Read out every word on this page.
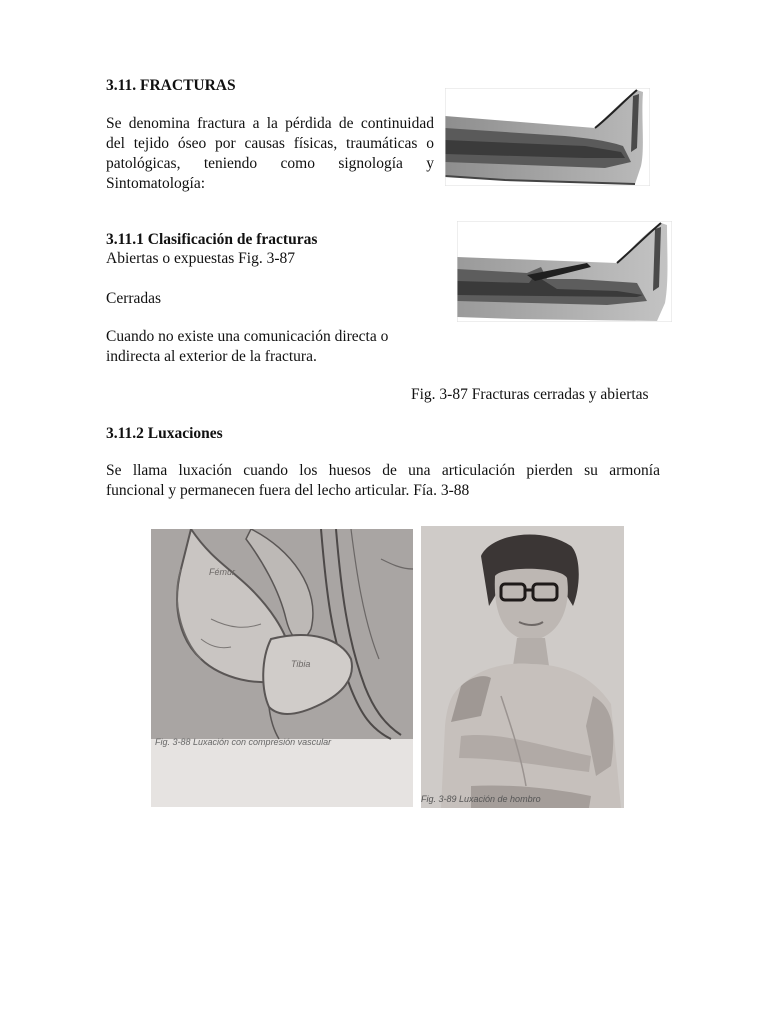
3.11. FRACTURAS
Se denomina fractura a la pérdida de continuidad
del tejido óseo por causas físicas, traumáticas o
patológicas, teniendo como signología y
Sintomatología:
3.11.1 Clasificación de fracturas
Abiertas o expuestas Fig. 3-87
Cerradas
Cuando no existe una comunicación directa o
indirecta al exterior de la fractura.
Fig. 3-87 Fracturas cerradas y abiertas
3.11.2 Luxaciones
Se llama luxación cuando los huesos de una articulación pierden su armonía
funcional y permanecen fuera del lecho articular. Fía. 3-88
Fémur
Tibia
Fig. 3-88 Luxación con compresión vascular
Fig. 3-89 Luxación de hombro
